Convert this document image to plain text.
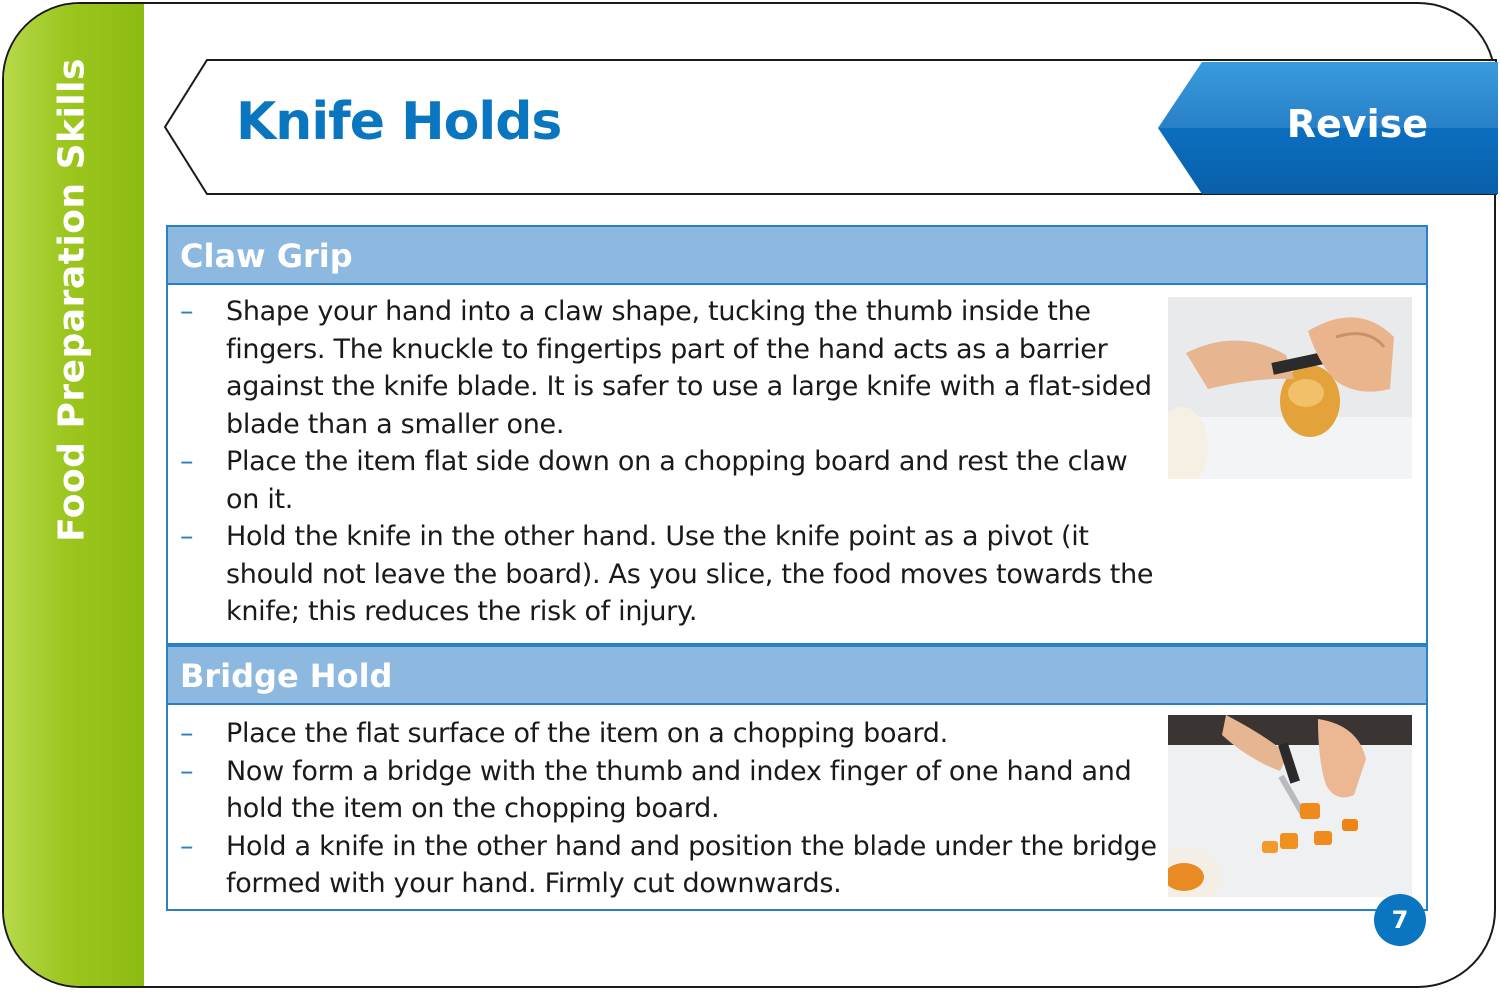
Food Preparation Skills	Knife Holds	Revise
Claw Grip
– Shape your hand into a claw shape, tucking the thumb inside the fingers. The knuckle to fingertips part of the hand acts as a barrier against the knife blade. It is safer to use a large knife with a flat-sided blade than a smaller one.
– Place the item flat side down on a chopping board and rest the claw on it.
– Hold the knife in the other hand. Use the knife point as a pivot (it should not leave the board). As you slice, the food moves towards the knife; this reduces the risk of injury.
Bridge Hold
– Place the flat surface of the item on a chopping board.
– Now form a bridge with the thumb and index finger of one hand and hold the item on the chopping board.
– Hold a knife in the other hand and position the blade under the bridge formed with your hand. Firmly cut downwards.
7
